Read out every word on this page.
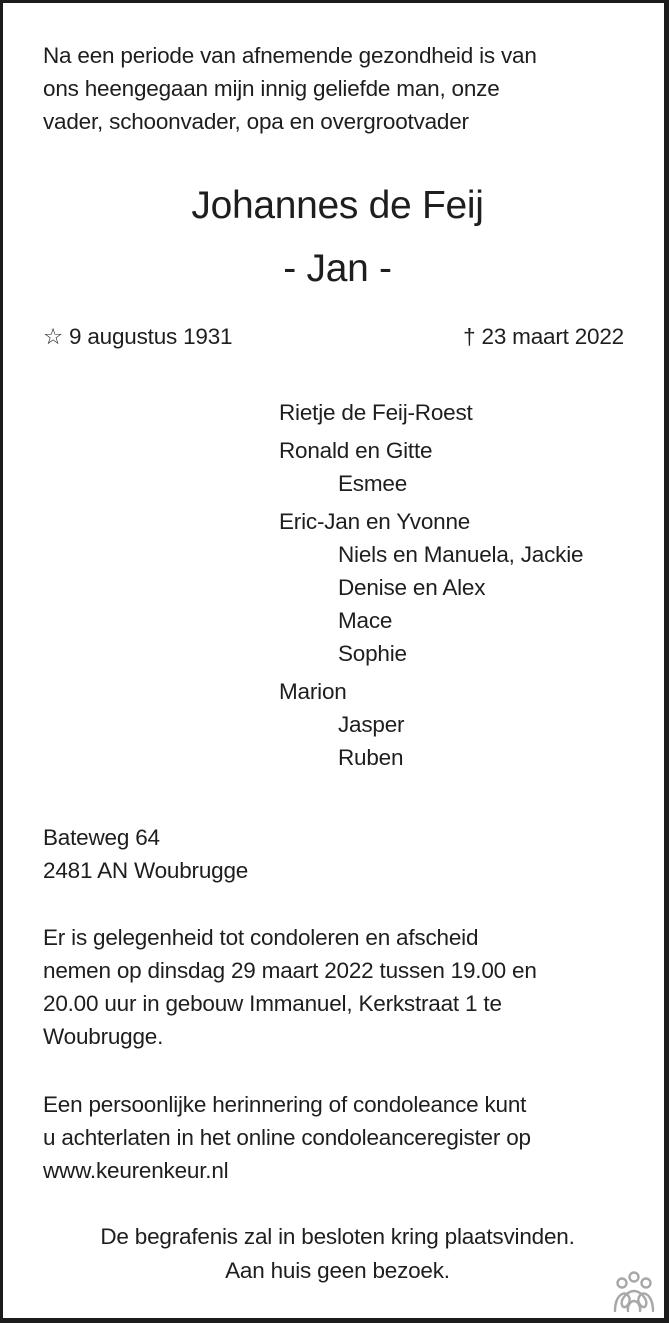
Na een periode van afnemende gezondheid is van
ons heengegaan mijn innig geliefde man, onze
vader, schoonvader, opa en overgrootvader
Johannes de Feij
- Jan -
☆ 9 augustus 1931	† 23 maart 2022
Rietje de Feij-Roest
Ronald en Gitte
Esmee
Eric-Jan en Yvonne
Niels en Manuela, Jackie
Denise en Alex
Mace
Sophie
Marion
Jasper
Ruben
Bateweg 64
2481 AN Woubrugge
Er is gelegenheid tot condoleren en afscheid
nemen op dinsdag 29 maart 2022 tussen 19.00 en
20.00 uur in gebouw Immanuel, Kerkstraat 1 te
Woubrugge.
Een persoonlijke herinnering of condoleance kunt
u achterlaten in het online condoleanceregister op
www.keurenkeur.nl
De begrafenis zal in besloten kring plaatsvinden.
Aan huis geen bezoek.
